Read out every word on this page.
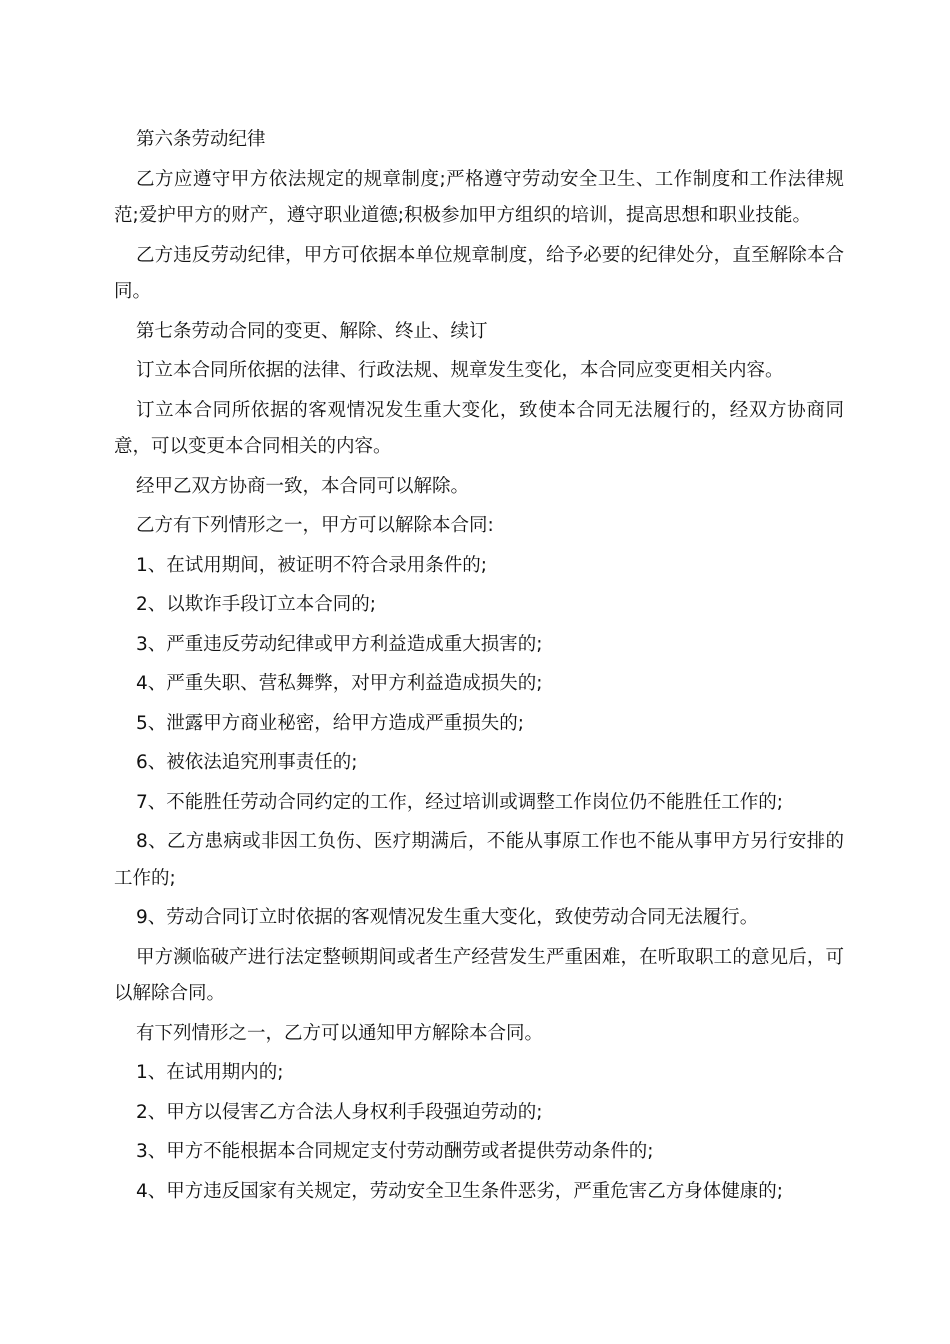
第六条劳动纪律

乙方应遵守甲方依法规定的规章制度;严格遵守劳动安全卫生、工作制度和工作法律规范;爱护甲方的财产，遵守职业道德;积极参加甲方组织的培训，提高思想和职业技能。

乙方违反劳动纪律，甲方可依据本单位规章制度，给予必要的纪律处分，直至解除本合同。

第七条劳动合同的变更、解除、终止、续订

订立本合同所依据的法律、行政法规、规章发生变化，本合同应变更相关内容。

订立本合同所依据的客观情况发生重大变化，致使本合同无法履行的，经双方协商同意，可以变更本合同相关的内容。

经甲乙双方协商一致，本合同可以解除。

乙方有下列情形之一，甲方可以解除本合同:

1、在试用期间，被证明不符合录用条件的;

2、以欺诈手段订立本合同的;

3、严重违反劳动纪律或甲方利益造成重大损害的;

4、严重失职、营私舞弊，对甲方利益造成损失的;

5、泄露甲方商业秘密，给甲方造成严重损失的;

6、被依法追究刑事责任的;

7、不能胜任劳动合同约定的工作，经过培训或调整工作岗位仍不能胜任工作的;

8、乙方患病或非因工负伤、医疗期满后，不能从事原工作也不能从事甲方另行安排的工作的;

9、劳动合同订立时依据的客观情况发生重大变化，致使劳动合同无法履行。

甲方濒临破产进行法定整顿期间或者生产经营发生严重困难，在听取职工的意见后，可以解除合同。

有下列情形之一，乙方可以通知甲方解除本合同。

1、在试用期内的;

2、甲方以侵害乙方合法人身权利手段强迫劳动的;

3、甲方不能根据本合同规定支付劳动酬劳或者提供劳动条件的;

4、甲方违反国家有关规定，劳动安全卫生条件恶劣，严重危害乙方身体健康的;
